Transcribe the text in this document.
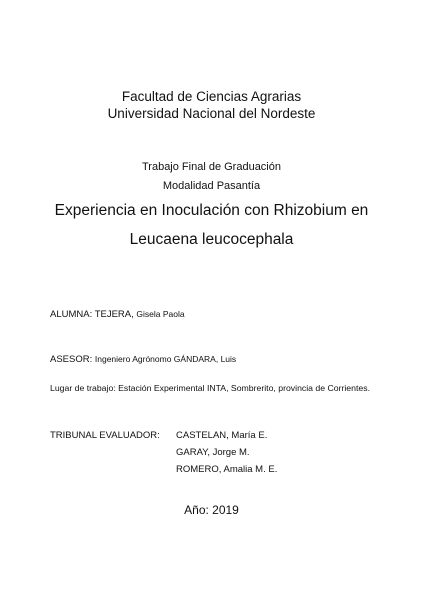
Facultad de Ciencias Agrarias
Universidad Nacional del Nordeste
Trabajo Final de Graduación
Modalidad Pasantía
Experiencia en Inoculación con Rhizobium en
Leucaena leucocephala
ALUMNA: TEJERA, Gisela Paola
ASESOR: Ingeniero Agrónomo GÁNDARA, Luis
Lugar de trabajo: Estación Experimental INTA, Sombrerito, provincia de Corrientes.
TRIBUNAL EVALUADOR: CASTELAN, María E.
GARAY, Jorge M.
ROMERO, Amalia M. E.
Año: 2019
